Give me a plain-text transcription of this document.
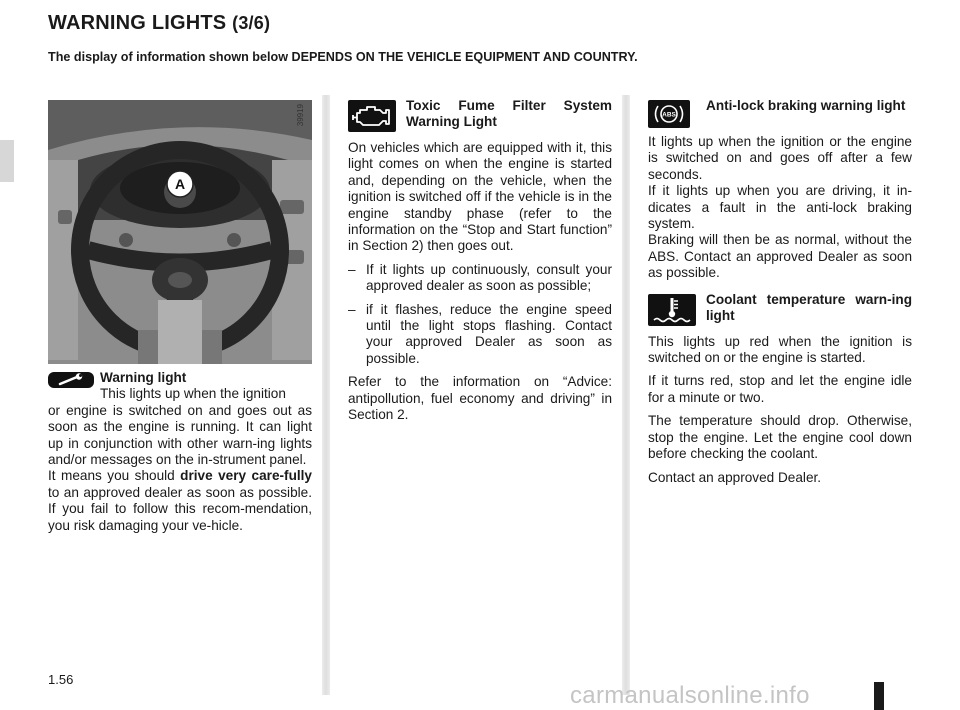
WARNING LIGHTS (3/6)
The display of information shown below DEPENDS ON THE VEHICLE EQUIPMENT AND COUNTRY.
A
39919
Warning light
This lights up when the ignition
or engine is switched on and goes out as soon as the engine is running. It can light up in conjunction with other warn-ing lights and/or messages on the in-strument panel.
It means you should drive very care-fully to an approved dealer as soon as possible. If you fail to follow this recom-mendation, you risk damaging your ve-hicle.
Toxic Fume Filter System Warning Light

On vehicles which are equipped with it, this light comes on when the engine is started and, depending on the vehicle, when the ignition is switched off if the vehicle is in the engine standby phase (refer to the information on the “Stop and Start function” in Section 2) then goes out.

– If it lights up continuously, consult your approved dealer as soon as possible;
– if it flashes, reduce the engine speed until the light stops flashing. Contact your approved Dealer as soon as possible.

Refer to the information on “Advice: antipollution, fuel economy and driving” in Section 2.

ABS
Anti-lock braking warning light
It lights up when the ignition or the engine is switched on and goes off after a few seconds.
If it lights up when you are driving, it in-dicates a fault in the anti-lock braking system.
Braking will then be as normal, without the ABS. Contact an approved Dealer as soon as possible.
Coolant temperature warn-ing light

This lights up red when the ignition is switched on or the engine is started.

If it turns red, stop and let the engine idle for a minute or two.

The temperature should drop. Otherwise, stop the engine. Let the engine cool down before checking the coolant.

Contact an approved Dealer.

1.56
carmanualsonline.info
